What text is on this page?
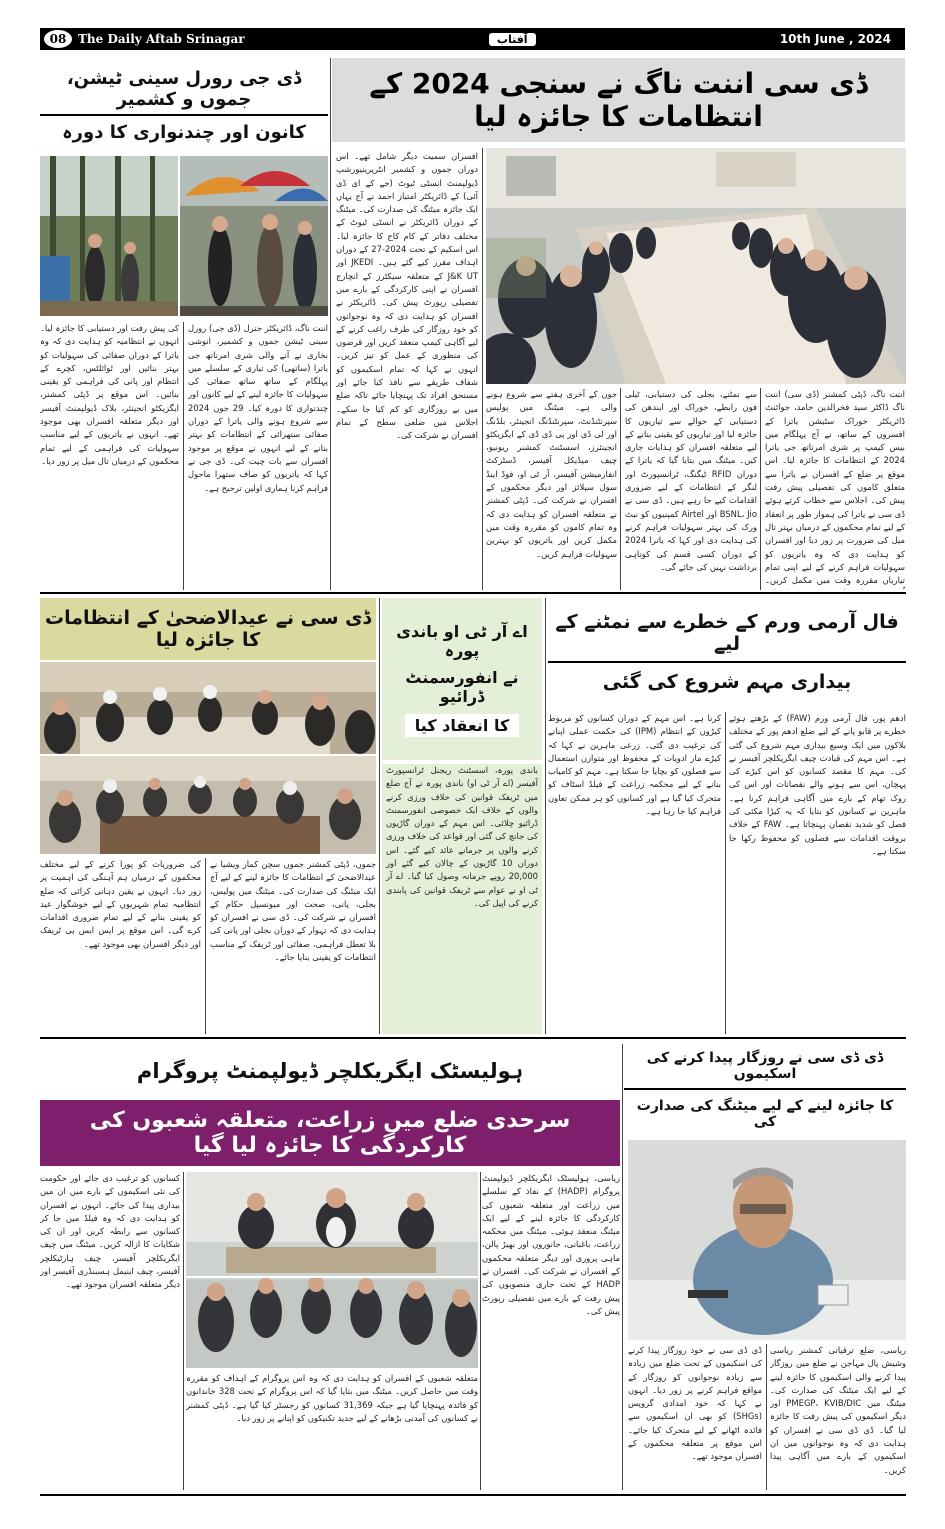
08 The Daily Aftab Srinagar	آفتاب	10th June , 2024
ڈی سی اننت ناگ نے سنجی 2024 کے انتظامات کا جائزہ لیا
افسران سمیت دیگر شامل تھے۔ اس دوران جموں و کشمیر انٹرپرینیورشپ ڈیولپمنٹ انسٹی ٹیوٹ (جے کے ای ڈی آئی) کے ڈائریکٹر امتیاز احمد نے آج یہاں ایک جائزہ میٹنگ کی صدارت کی۔ میٹنگ کے دوران ڈائریکٹر نے انسٹی ٹیوٹ کے مختلف دفاتر کے کام کاج کا جائزہ لیا۔ اس اسکیم کے تحت 2024-27 کے دوران اہداف مقرر کیے گئے ہیں۔ JKEDI اور J&K UT کے متعلقہ سیکٹرز کے انچارج افسران نے اپنی کارکردگی کے بارے میں تفصیلی رپورٹ پیش کی۔ ڈائریکٹر نے افسران کو ہدایت دی کہ وہ نوجوانوں کو خود روزگار کی طرف راغب کرنے کے لیے آگاہی کیمپ منعقد کریں اور قرضوں کی منظوری کے عمل کو تیز کریں۔ انہوں نے کہا کہ تمام اسکیموں کو شفاف طریقے سے نافذ کیا جائے اور مستحق افراد تک پہنچایا جائے تاکہ ضلع میں بے روزگاری کو کم کیا جا سکے۔ اجلاس میں ضلعی سطح کے تمام افسران نے شرکت کی۔
اننت ناگ، ڈپٹی کمشنر (ڈی سی) اننت ناگ ڈاکٹر سید فخرالدین حامد، جوائنٹ ڈائریکٹر خوراک سٹیشن یاترا کے افسروں کے ساتھ، نے آج پہلگام میں بیس کیمپ پر شری امرناتھ جی یاترا 2024 کے انتظامات کا جائزہ لیا۔ اس موقع پر ضلع کے افسران نے یاترا سے متعلق کاموں کی تفصیلی پیش رفت پیش کی۔ اجلاس سے خطاب کرتے ہوئے ڈی سی نے یاترا کی ہموار طور پر انعقاد کے لیے تمام محکموں کے درمیان بہتر تال میل کی ضرورت پر زور دیا اور افسران کو ہدایت دی کہ وہ یاتریوں کو سہولیات فراہم کرنے کے لیے اپنی تمام تیاریاں مقررہ وقت میں مکمل کریں۔
سے نمٹنے، بجلی کی دستیابی، ٹیلی فون رابطے، خوراک اور ایندھن کی دستیابی کے حوالے سے تیاریوں کا جائزہ لیا اور تیاریوں کو یقینی بنانے کے لیے متعلقہ افسران کو ہدایات جاری کیں۔ میٹنگ میں بتایا گیا کہ یاترا کے دوران RFID ٹیگنگ، ٹرانسپورٹ اور لنگر کے انتظامات کے لیے ضروری اقدامات کیے جا رہے ہیں۔ ڈی سی نے BSNL، Jio اور Airtel کمپنیوں کو نیٹ ورک کی بہتر سہولیات فراہم کرنے کی ہدایت دی اور کہا کہ یاترا 2024 کے دوران کسی قسم کی کوتاہی برداشت نہیں کی جائے گی۔
جون کے آخری ہفتے سے شروع ہونے والی ہے۔ میٹنگ میں پولیس سپرنٹنڈنٹ، سپرنٹنڈنگ انجینئر، بلڈنگ اور لی ڈی اور پی ڈی ڈی کے ایگزیکٹو انجینئرز، اسسٹنٹ کمشنر ریونیو، چیف میڈیکل آفیسر، ڈسٹرکٹ انفارمیشن آفیسر، آر ٹی او، فوڈ اینڈ سول سپلائز اور دیگر محکموں کے افسران نے شرکت کی۔ ڈپٹی کمشنر نے متعلقہ افسران کو ہدایت دی کہ وہ تمام کاموں کو مقررہ وقت میں مکمل کریں اور یاتریوں کو بہترین سہولیات فراہم کریں۔
ڈی جی رورل سینی ٹیشن، جموں و کشمیر
کانون اور چندنواری کا دورہ
اننت ناگ، ڈائریکٹر جنرل (ڈی جی) رورل سینی ٹیشن جموں و کشمیر، انوشی بخاری نے آنے والی شری امرناتھ جی یاترا (ساتھی) کی تیاری کے سلسلے میں پہلگام کے ساتھ ساتھ صفائی کی سہولیات کا جائزہ لینے کے لیے کانون اور چندنواری کا دورہ کیا۔ 29 جون 2024 سے شروع ہونے والی یاترا کے دوران صفائی ستھرائی کے انتظامات کو بہتر بنانے کے لیے انہوں نے موقع پر موجود افسران سے بات چیت کی۔ ڈی جی نے کہا کہ یاتریوں کو صاف ستھرا ماحول فراہم کرنا ہماری اولین ترجیح ہے۔
کی پیش رفت اور دستیابی کا جائزہ لیا۔ انہوں نے انتظامیہ کو ہدایت دی کہ وہ یاترا کے دوران صفائی کی سہولیات کو بہتر بنائیں اور ٹوائلٹس، کچرے کے انتظام اور پانی کی فراہمی کو یقینی بنائیں۔ اس موقع پر ڈپٹی کمشنر، ایگزیکٹو انجینئر، بلاک ڈیولپمنٹ آفیسر اور دیگر متعلقہ افسران بھی موجود تھے۔ انہوں نے یاتریوں کے لیے مناسب سہولیات کی فراہمی کے لیے تمام محکموں کے درمیان تال میل پر زور دیا۔
ڈی سی نے عیدالاضحیٰ کے انتظامات کا جائزہ لیا
جموں، ڈپٹی کمشنر جموں سچن کمار ویشیا نے عیدالاضحیٰ کے انتظامات کا جائزہ لینے کے لیے آج ایک میٹنگ کی صدارت کی۔ میٹنگ میں پولیس، بجلی، پانی، صحت اور میونسپل حکام کے افسران نے شرکت کی۔ ڈی سی نے افسران کو ہدایت دی کہ تہوار کے دوران بجلی اور پانی کی بلا تعطل فراہمی، صفائی اور ٹریفک کے مناسب انتظامات کو یقینی بنایا جائے۔
کی ضروریات کو پورا کرنے کے لیے مختلف محکموں کے درمیان ہم آہنگی کی اہمیت پر زور دیا۔ انہوں نے یقین دہانی کرائی کہ ضلع انتظامیہ تمام شہریوں کے لیے خوشگوار عید کو یقینی بنانے کے لیے تمام ضروری اقدامات کرے گی۔ اس موقع پر ایس ایس پی ٹریفک اور دیگر افسران بھی موجود تھے۔
اے آر ٹی او باندی پورہ
نے انفورسمنٹ ڈرائیو
کا انعقاد کیا
باندی پورہ، اسسٹنٹ ریجنل ٹرانسپورٹ آفیسر (اے آر ٹی او) باندی پورہ نے آج ضلع میں ٹریفک قوانین کی خلاف ورزی کرنے والوں کے خلاف ایک خصوصی انفورسمنٹ ڈرائیو چلائی۔ اس مہم کے دوران گاڑیوں کی جانچ کی گئی اور قواعد کی خلاف ورزی کرنے والوں پر جرمانے عائد کیے گئے۔ اس دوران 10 گاڑیوں کے چالان کیے گئے اور 20,000 روپے جرمانہ وصول کیا گیا۔ اے آر ٹی او نے عوام سے ٹریفک قوانین کی پابندی کرنے کی اپیل کی۔
فال آرمی ورم کے خطرے سے نمٹنے کے لیے
بیداری مہم شروع کی گئی
ادھم پور، فال آرمی ورم (FAW) کے بڑھتے ہوئے خطرے پر قابو پانے کے لیے ضلع ادھم پور کے مختلف بلاکوں میں ایک وسیع بیداری مہم شروع کی گئی ہے۔ اس مہم کی قیادت چیف ایگریکلچر آفیسر نے کی۔ مہم کا مقصد کسانوں کو اس کیڑے کی پہچان، اس سے ہونے والے نقصانات اور اس کی روک تھام کے بارے میں آگاہی فراہم کرنا ہے۔ ماہرین نے کسانوں کو بتایا کہ یہ کیڑا مکئی کی فصل کو شدید نقصان پہنچاتا ہے۔ FAW کے خلاف بروقت اقدامات سے فصلوں کو محفوظ رکھا جا سکتا ہے۔
کرنا ہے۔ اس مہم کے دوران کسانوں کو مربوط کیڑوں کے انتظام (IPM) کی حکمت عملی اپنانے کی ترغیب دی گئی۔ زرعی ماہرین نے کہا کہ کیڑے مار ادویات کے محفوظ اور متوازن استعمال سے فصلوں کو بچایا جا سکتا ہے۔ مہم کو کامیاب بنانے کے لیے محکمہ زراعت کے فیلڈ اسٹاف کو متحرک کیا گیا ہے اور کسانوں کو ہر ممکن تعاون فراہم کیا جا رہا ہے۔
ڈی ڈی سی نے روزگار پیدا کرنے کی اسکیموں
کا جائزہ لینے کے لیے میٹنگ کی صدارت کی
ریاسی، ضلع ترقیاتی کمشنر ریاسی وشیش پال مہاجن نے ضلع میں روزگار پیدا کرنے والی اسکیموں کا جائزہ لینے کے لیے ایک میٹنگ کی صدارت کی۔ میٹنگ میں PMEGP، KVIB/DIC اور دیگر اسکیموں کی پیش رفت کا جائزہ لیا گیا۔ ڈی ڈی سی نے افسران کو ہدایت دی کہ وہ نوجوانوں میں ان اسکیموں کے بارے میں آگاہی پیدا کریں۔
ڈی ڈی سی نے خود روزگار پیدا کرنے کی اسکیموں کے تحت ضلع میں زیادہ سے زیادہ نوجوانوں کو روزگار کے مواقع فراہم کرنے پر زور دیا۔ انہوں نے کہا کہ خود امدادی گروپس (SHGs) کو بھی ان اسکیموں سے فائدہ اٹھانے کے لیے متحرک کیا جائے۔ اس موقع پر متعلقہ محکموں کے افسران موجود تھے۔
ہولیسٹک ایگریکلچر ڈیولپمنٹ پروگرام
سرحدی ضلع میں زراعت، متعلقہ شعبوں کی کارکردگی کا جائزہ لیا گیا
ریاسی، ہولیسٹک ایگریکلچر ڈیولپمنٹ پروگرام (HADP) کے نفاذ کے سلسلے میں زراعت اور متعلقہ شعبوں کی کارکردگی کا جائزہ لینے کے لیے ایک میٹنگ منعقد ہوئی۔ میٹنگ میں محکمہ زراعت، باغبانی، جانوروں اور بھیڑ پالن، ماہی پروری اور دیگر متعلقہ محکموں کے افسران نے شرکت کی۔ افسران نے HADP کے تحت جاری منصوبوں کی پیش رفت کے بارے میں تفصیلی رپورٹ پیش کی۔
متعلقہ شعبوں کے افسران کو ہدایت دی کہ وہ اس پروگرام کے اہداف کو مقررہ وقت میں حاصل کریں۔ میٹنگ میں بتایا گیا کہ اس پروگرام کے تحت 328 خاندانوں کو فائدہ پہنچایا گیا ہے جبکہ 31,369 کسانوں کو رجسٹر کیا گیا ہے۔ ڈپٹی کمشنر نے کسانوں کی آمدنی بڑھانے کے لیے جدید تکنیکوں کو اپنانے پر زور دیا۔
کسانوں کو ترغیب دی جائے اور حکومت کی نئی اسکیموں کے بارے میں ان میں بیداری پیدا کی جائے۔ انہوں نے افسران کو ہدایت دی کہ وہ فیلڈ میں جا کر کسانوں سے رابطہ کریں اور ان کی شکایات کا ازالہ کریں۔ میٹنگ میں چیف ایگریکلچر آفیسر، چیف ہارٹیکلچر آفیسر، چیف اینیمل ہسبنڈری آفیسر اور دیگر متعلقہ افسران موجود تھے۔
